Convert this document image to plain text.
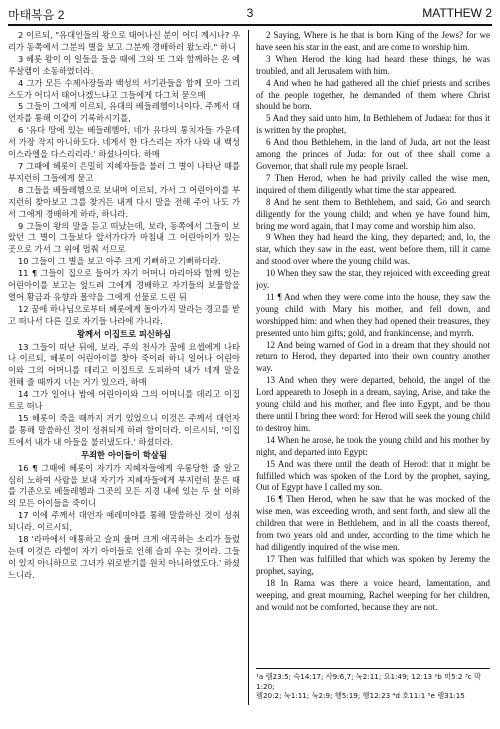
마태복음 2	3	MATTHEW 2

2 이르되, "유대인들의 왕으로 태어나신 분이 어디 계시나? 우리가 동쪽에서 그분의 별을 보고 그분께 경배하러 왔노라." 하니

3 헤롯 왕이 이 일들을 들을 때에 그와 또 그와 함께하는 온 예루살렘이 소동하였더라.

4 그가 모든 수제사장들과 백성의 서기관들을 함께 모아 그리스도가 어디서 태어나겠느냐고 그들에게 다그쳐 묻으매

5 그들이 그에게 이르되, 유대의 베들레헴이니이다. 주께서 대언자를 통해 이같이 기록하시기를,

6 '유다 땅에 있는 베들레헴아, 네가 유다의 통치자들 가운데서 가장 작지 아니하도다. 네게서 한 다스리는 자가 나와 내 백성 이스라엘을 다스리리라.' 하셨나이다. 하매

7 그때에 헤롯이 은밀히 지혜자들을 불러 그 별이 나타난 때를 부지런히 그들에게 묻고

8 그들을 베들레헴으로 보내며 이르되, 가서 그 어린아이를 부지런히 찾아보고 그를 찾거든 내게 다시 말을 전해 주어 나도 가서 그에게 경배하게 하라, 하니라.

9 그들이 왕의 말을 듣고 떠났는데, 보라, 동쪽에서 그들이 보았던 그 별이 그들보다 앞서가다가 마침내 그 어린아이가 있는 곳으로 가서 그 위에 멈춰 서므로

10 그들이 그 별을 보고 아주 크게 기뻐하고 기뻐하더라.

11 ¶ 그들이 집으로 들어가 자기 어머니 마리아와 함께 있는 어린아이를 보고는 엎드려 그에게 경배하고 자기들의 보물함을 열어 황금과 유향과 몰약을 그에게 선물로 드린 뒤

12 꿈에 하나님으로부터 헤롯에게 돌아가지 말라는 경고를 받고 떠나서 다른 길로 자기들 나라에 가니라.

왕께서 이집트로 피신하심

13 그들이 떠난 뒤에, 보라, 주의 천사가 꿈에 요셉에게 나타나 이르되, 헤롯이 어린아이를 찾아 죽이려 하니 일어나 어린아이와 그의 어머니를 데리고 이집트로 도피하여 내가 네게 말을 전해 줄 때까지 너는 거기 있으라, 하매

14 그가 일어나 밤에 어린아이와 그의 어머니를 데리고 이집트로 떠나

15 헤롯이 죽을 때까지 거기 있었으니 이것은 주께서 대언자를 통해 말씀하신 것이 성취되게 하려 함이더라. 이르시되, '이집트에서 내가 내 아들을 불러냈도다.' 하셨더라.

무죄한 아이들이 학살됨

16 ¶ 그때에 헤롯이 자기가 지혜자들에게 우롱당한 줄 알고 심히 노하여 사람을 보내 자기가 지혜자들에게 부지런히 묻은 때를 기준으로 베들레헴과 그곳의 모든 지경 내에 있는 두 살 이하의 모든 아이들을 죽이니

17 이에 주께서 대언자 예레미야를 통해 말씀하신 것이 성취되니라. 이르시되,

18 '라마에서 애통하고 슬피 울며 크게 애곡하는 소리가 들렸는데 이것은 라헬이 자기 아이들로 인해 슬피 우는 것이라. 그들이 있지 아니하므로 그녀가 위로받기를 원치 아니하였도다.' 하셨느니라.

2 Saying, Where is he that is born King of the Jews? for we have seen his star in the east, and are come to worship him.

3 When Herod the king had heard these things, he was troubled, and all Jerusalem with him.

4 And when he had gathered all the chief priests and scribes of the people together, he demanded of them where Christ should be born.

5 And they said unto him, In Bethlehem of Judaea: for thus it is written by the prophet,

6 And thou Bethlehem, in the land of Juda, art not the least among the princes of Juda: for out of thee shall come a Governor, that shall rule my people Israel.

7 Then Herod, when he had privily called the wise men, inquired of them diligently what time the star appeared.

8 And he sent them to Bethlehem, and said, Go and search diligently for the young child; and when ye have found him, bring me word again, that I may come and worship him also.

9 When they had heard the king, they departed; and, lo, the star, which they saw in the east, went before them, till it came and stood over where the young child was.

10 When they saw the star, they rejoiced with exceeding great joy.

11 ¶ And when they were come into the house, they saw the young child with Mary his mother, and fell down, and worshipped him: and when they had opened their treasures, they presented unto him gifts; gold, and frankincense, and myrrh.

12 And being warned of God in a dream that they should not return to Herod, they departed into their own country another way.

13 And when they were departed, behold, the angel of the Lord appeareth to Joseph in a dream, saying, Arise, and take the young child and his mother, and flee into Egypt, and be thou there until I bring thee word: for Herod will seek the young child to destroy him.

14 When he arose, he took the young child and his mother by night, and departed into Egypt:

15 And was there until the death of Herod: that it might be fulfilled which was spoken of the Lord by the prophet, saying, Out of Egypt have I called my son.

16 ¶ Then Herod, when he saw that he was mocked of the wise men, was exceeding wroth, and sent forth, and slew all the children that were in Bethlehem, and in all the coasts thereof, from two years old and under, according to the time which he had diligently inquired of the wise men.

17 Then was fulfilled that which was spoken by Jeremy the prophet, saying,

18 In Rama was there a voice heard, lamentation, and weeping, and great mourning, Rachel weeping for her children, and would not be comforted, because they are not.

¹a 렘23:5; 슥14:17; 사9:6,7; 눅2:11; 요1:49; 12:13 ²b 미5:2 ³c 막1:20;
렘20:2; 눅1:11; 눅2:9; 행5:19; 행12:23 ⁴d 호11:1 ⁵e 렘31:15
